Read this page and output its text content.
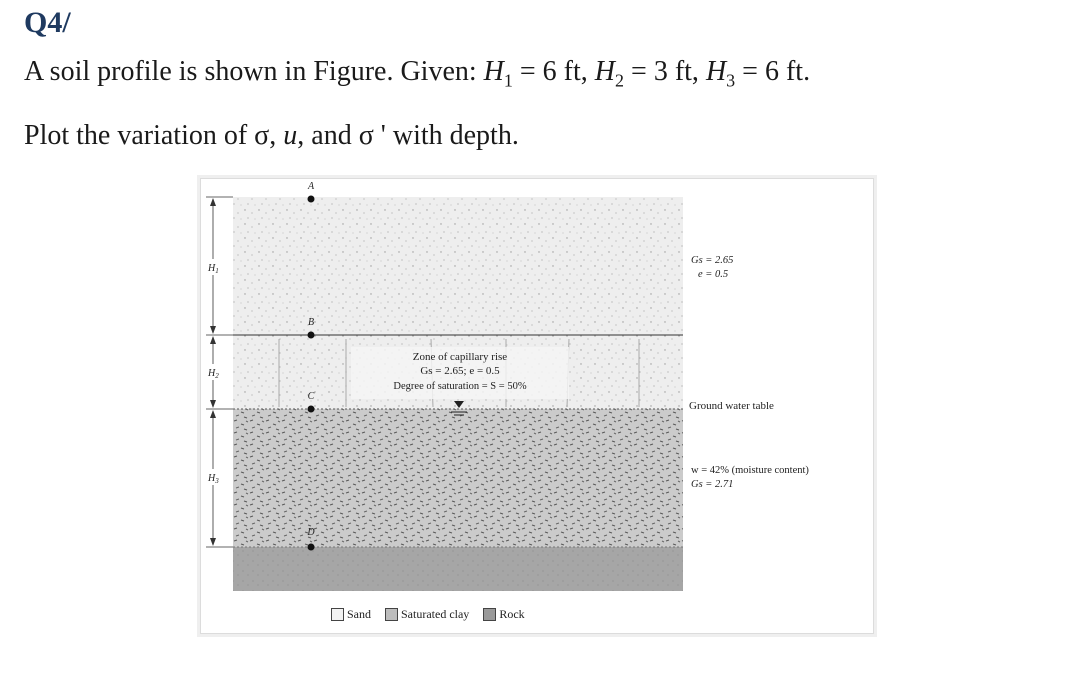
Q4/
A soil profile is shown in Figure. Given: $H_1 = 6$ ft, $H_2 = 3$ ft, $H_3 = 6$ ft.
Plot the variation of σ, u, and σ ' with depth.
Zone of capillary rise
Gs = 2.65; e = 0.5
Degree of saturation = S = 50%
A
B
C
D
$H_1$
$H_2$
$H_3$
Gs = 2.65
e = 0.5
Ground water table
w = 42% (moisture content)
Gs = 2.71
Sand	Saturated clay	Rock
